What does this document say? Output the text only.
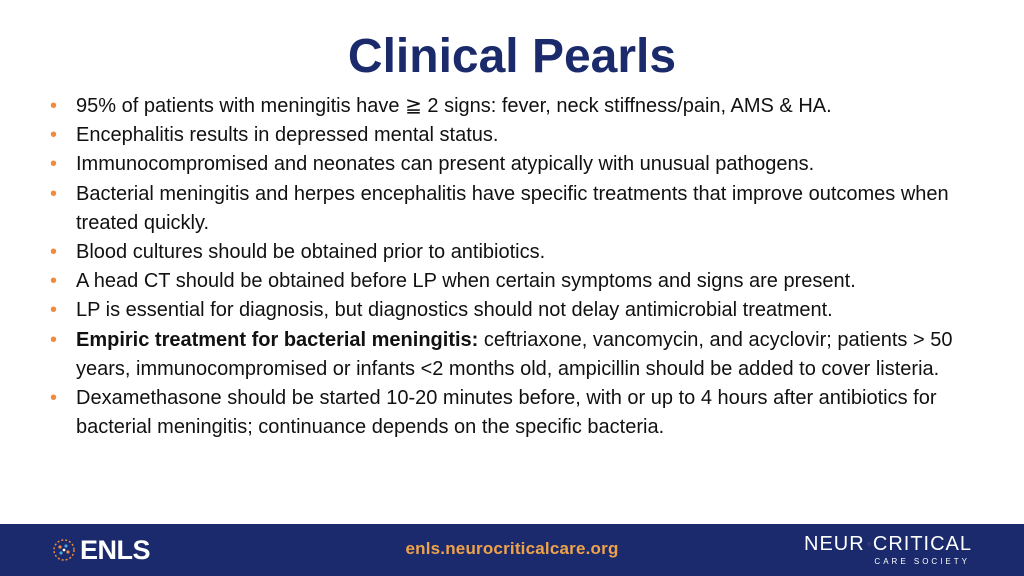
Clinical Pearls
• 95% of patients with meningitis have ≧ 2 signs: fever, neck stiffness/pain, AMS & HA.
• Encephalitis results in depressed mental status.
• Immunocompromised and neonates can present atypically with unusual pathogens.
• Bacterial meningitis and herpes encephalitis have specific treatments that improve outcomes when treated quickly.
• Blood cultures should be obtained prior to antibiotics.
• A head CT should be obtained before LP when certain symptoms and signs are present.
• LP is essential for diagnosis, but diagnostics should not delay antimicrobial treatment.
• Empiric treatment for bacterial meningitis: ceftriaxone, vancomycin, and acyclovir; patients > 50 years, immunocompromised or infants <2 months old, ampicillin should be added to cover listeria.
• Dexamethasone should be started 10-20 minutes before, with or up to 4 hours after antibiotics for bacterial meningitis; continuance depends on the specific bacteria.
ENLS	enls.neurocriticalcare.org	NEUR CRITICAL
CARE SOCIETY
